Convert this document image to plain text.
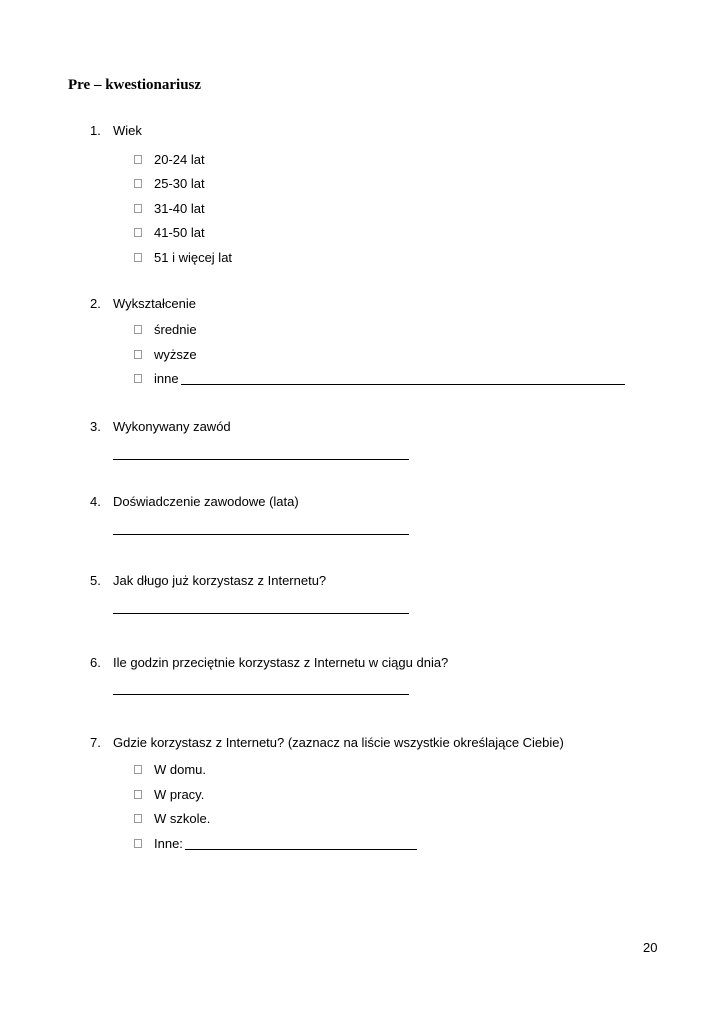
Pre – kwestionariusz
1. Wiek
20-24 lat
25-30 lat
31-40 lat
41-50 lat
51 i więcej lat
2. Wykształcenie
średnie
wyższe
inne
3. Wykonywany zawód
4. Doświadczenie zawodowe (lata)
5. Jak długo już korzystasz z Internetu?
6. Ile godzin przeciętnie korzystasz z Internetu w ciągu dnia?
7. Gdzie korzystasz z Internetu? (zaznacz na liście wszystkie określające Ciebie)
W domu.
W pracy.
W szkole.
Inne:
20
